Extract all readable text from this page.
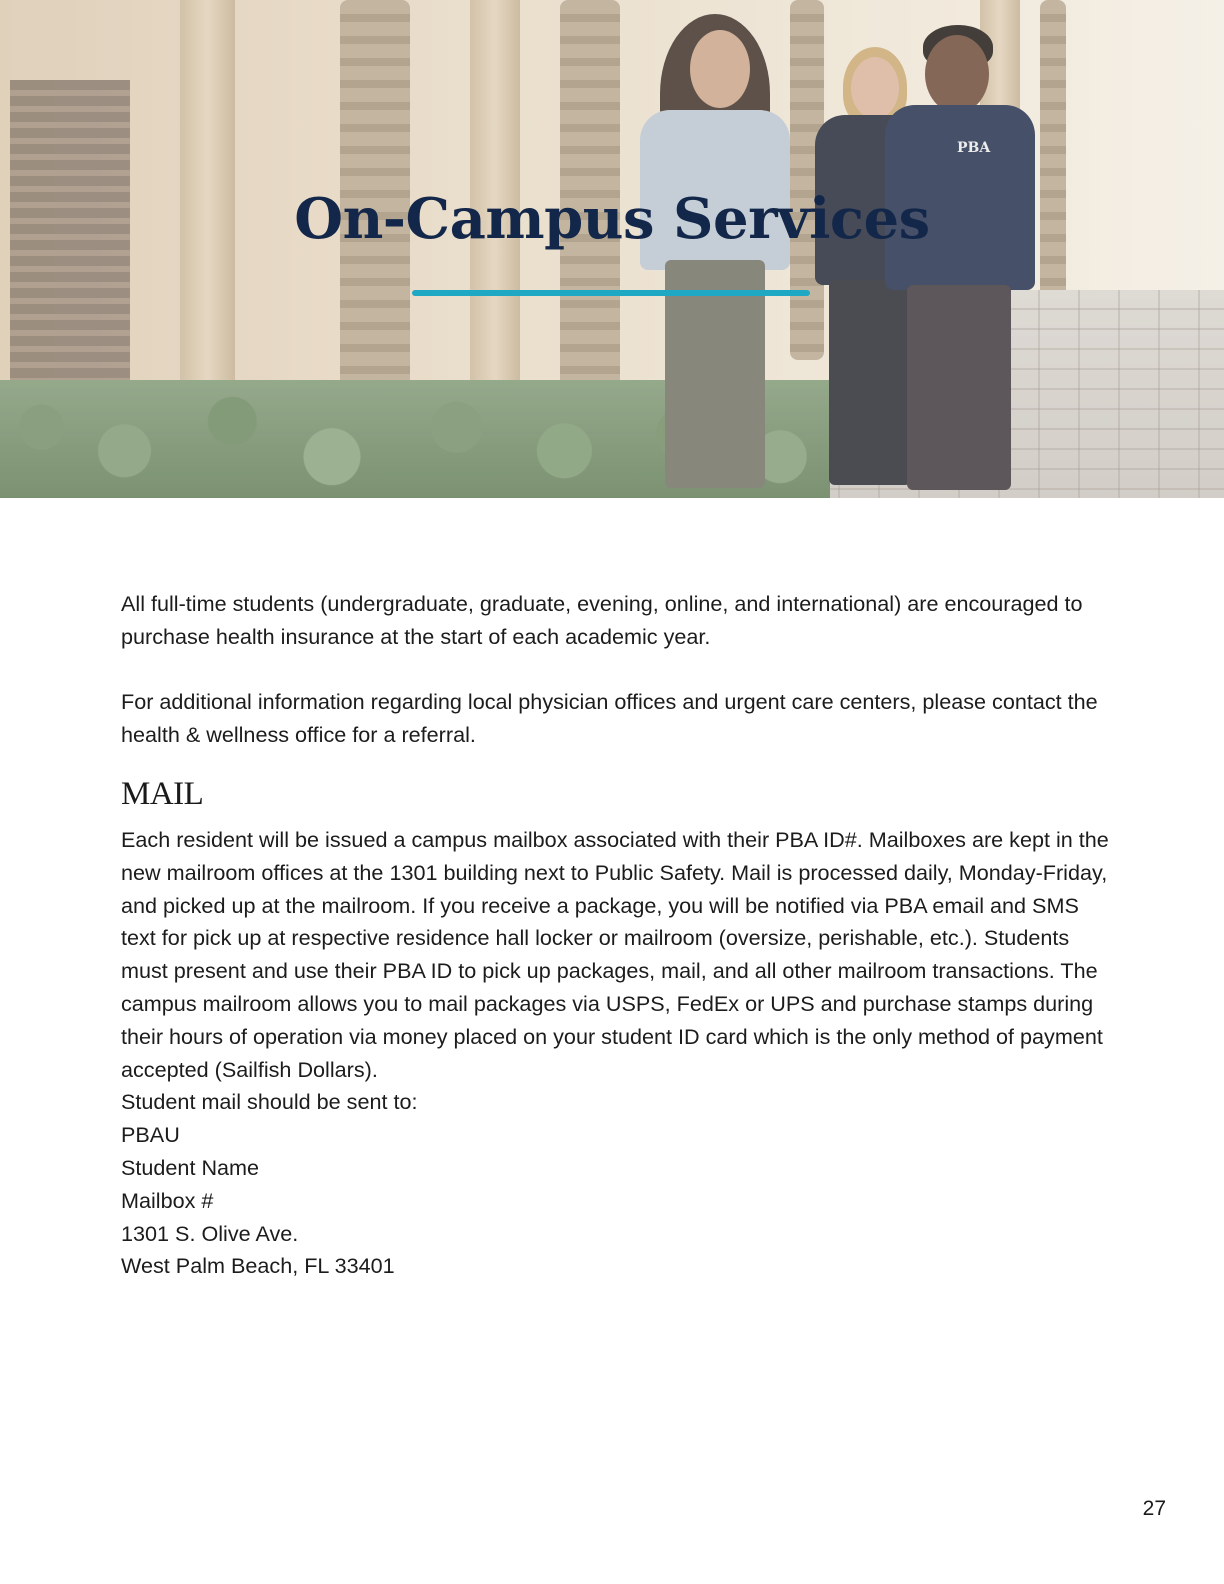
PBA
On-Campus Services

All full-time students (undergraduate, graduate, evening, online, and international) are encouraged to purchase health insurance at the start of each academic year.

For additional information regarding local physician offices and urgent care centers, please contact the health & wellness office for a referral.

MAIL

Each resident will be issued a campus mailbox associated with their PBA ID#. Mailboxes are kept in the new mailroom offices at the 1301 building next to Public Safety. Mail is processed daily, Monday-Friday, and picked up at the mailroom. If you receive a package, you will be notified via PBA email and SMS text for pick up at respective residence hall locker or mailroom (oversize, perishable, etc.). Students must present and use their PBA ID to pick up packages, mail, and all other mailroom transactions. The campus mailroom allows you to mail packages via USPS, FedEx or UPS and purchase stamps during their hours of operation via money placed on your student ID card which is the only method of payment accepted (Sailfish Dollars).

Student mail should be sent to:

PBAU

Student Name

Mailbox #

1301 S. Olive Ave.

West Palm Beach, FL 33401

27
